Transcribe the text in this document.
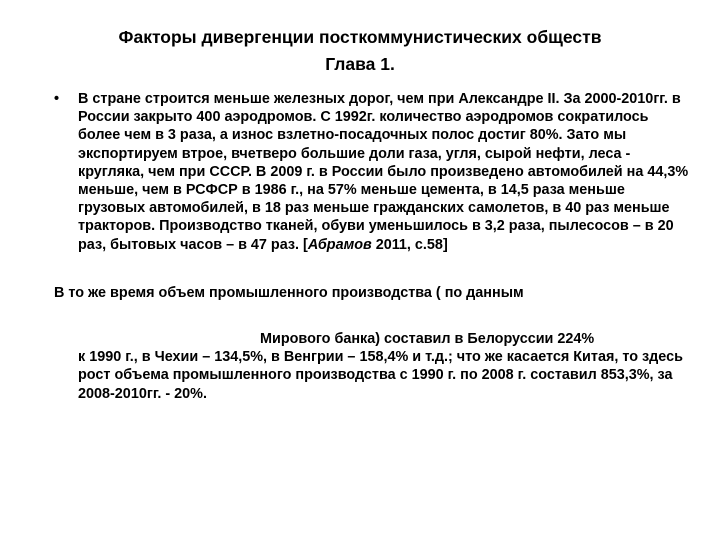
Факторы дивергенции посткоммунистических обществ
Глава 1.
• В стране строится меньше железных дорог, чем при Александре II. За 2000-2010гг. в России закрыто 400 аэродромов. С 1992г. количество аэродромов сократилось более чем в 3 раза, а износ взлетно-посадочных полос достиг 80%. Зато мы экспортируем втрое, вчетверо большие доли газа, угля, сырой нефти, леса - кругляка, чем при СССР. В 2009 г. в России было произведено автомобилей на 44,3% меньше, чем в РСФСР в 1986 г., на 57% меньше цемента, в 14,5 раза меньше грузовых автомобилей, в 18 раз меньше гражданских самолетов, в 40 раз меньше тракторов. Производство тканей, обуви уменьшилось в 3,2 раза, пылесосов – в 20 раз, бытовых часов – в 47 раз. [Абрамов 2011, с.58]
В то же время объем промышленного производства ( по данным
Мирового банка) составил в Белоруссии 224%
к 1990 г., в Чехии – 134,5%, в Венгрии – 158,4% и т.д.; что же касается Китая, то здесь рост объема промышленного производства с 1990 г. по 2008 г. составил 853,3%, за 2008-2010гг. - 20%.
